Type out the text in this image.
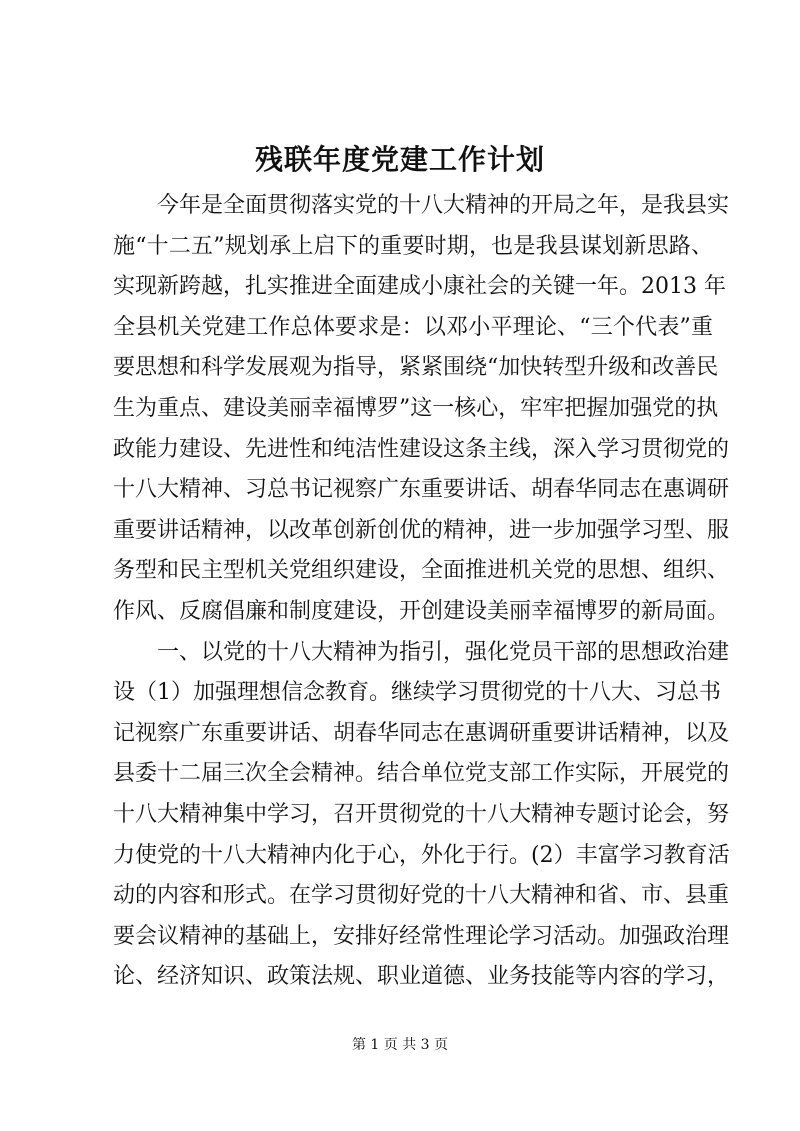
残联年度党建工作计划
　　今年是全面贯彻落实党的十八大精神的开局之年，是我县实
施“十二五”规划承上启下的重要时期，也是我县谋划新思路、
实现新跨越，扎实推进全面建成小康社会的关键一年。2013 年
全县机关党建工作总体要求是：以邓小平理论、“三个代表”重
要思想和科学发展观为指导，紧紧围绕“加快转型升级和改善民
生为重点、建设美丽幸福博罗”这一核心，牢牢把握加强党的执
政能力建设、先进性和纯洁性建设这条主线，深入学习贯彻党的
十八大精神、习总书记视察广东重要讲话、胡春华同志在惠调研
重要讲话精神，以改革创新创优的精神，进一步加强学习型、服
务型和民主型机关党组织建设，全面推进机关党的思想、组织、
作风、反腐倡廉和制度建设，开创建设美丽幸福博罗的新局面。
　　一、以党的十八大精神为指引，强化党员干部的思想政治建
设（1）加强理想信念教育。继续学习贯彻党的十八大、习总书
记视察广东重要讲话、胡春华同志在惠调研重要讲话精神，以及
县委十二届三次全会精神。结合单位党支部工作实际，开展党的
十八大精神集中学习，召开贯彻党的十八大精神专题讨论会，努
力使党的十八大精神内化于心，外化于行。(2）丰富学习教育活
动的内容和形式。在学习贯彻好党的十八大精神和省、市、县重
要会议精神的基础上，安排好经常性理论学习活动。加强政治理
论、经济知识、政策法规、职业道德、业务技能等内容的学习，
第 1 页 共 3 页
